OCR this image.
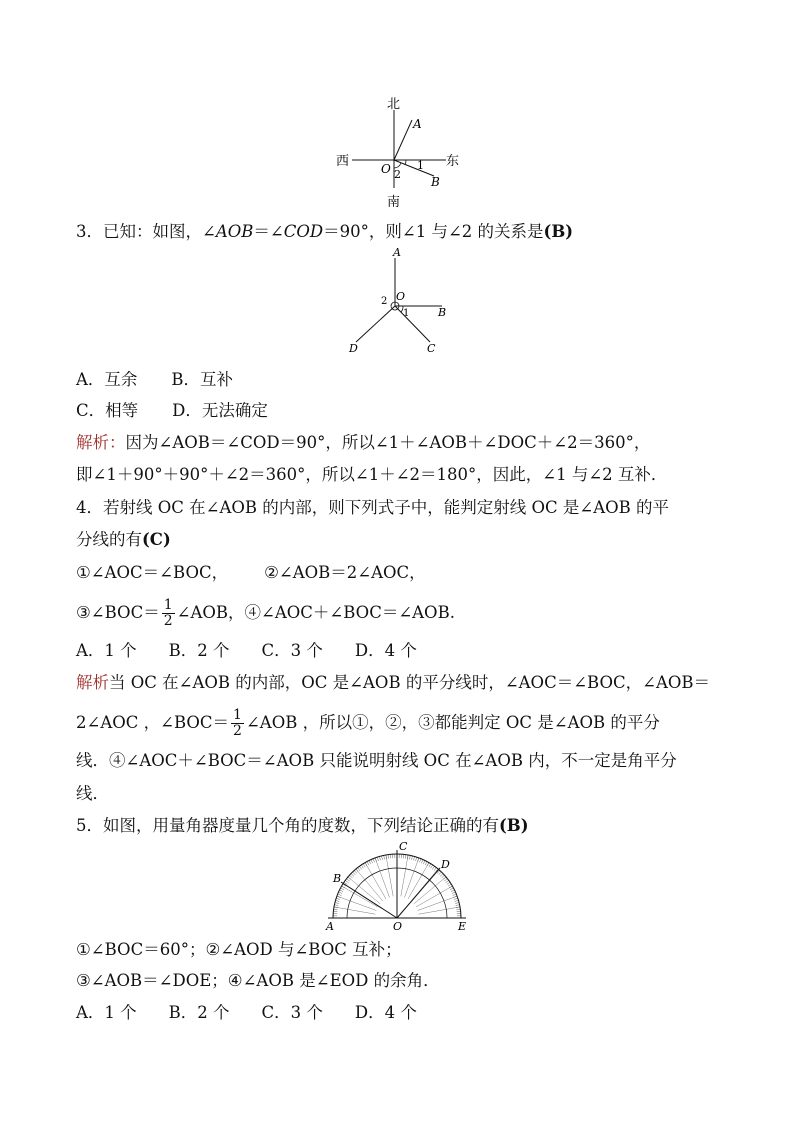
北
南
西	东
O
A
B
1
2
3．已知：如图，∠AOB＝∠COD＝90°，则∠1 与∠2 的关系是(B)
A
O
B
C
D
1
2
A．互余 B．互补
C．相等 D．无法确定
解析：因为∠AOB＝∠COD＝90°，所以∠1＋∠AOB＋∠DOC＋∠2＝360°，
即∠1＋90°＋90°＋∠2＝360°，所以∠1＋∠2＝180°，因此，∠1 与∠2 互补．
4．若射线 OC 在∠AOB 的内部，则下列式子中，能判定射线 OC 是∠AOB 的平
分线的有(C)
①∠AOC＝∠BOC， ②∠AOB＝2∠AOC，
③∠BOC＝ $\frac{1}{2}$ ∠AOB，④∠AOC＋∠BOC＝∠AOB.
A．1 个 B．2 个 C．3 个 D．4 个
解析当 OC 在∠AOB 的内部，OC 是∠AOB 的平分线时，∠AOC＝∠BOC，∠AOB＝
2∠AOC ，∠BOC＝ $\frac{1}{2}$ ∠AOB ，所以①，②，③都能判定 OC 是∠AOB 的平分
线．④∠AOC＋∠BOC＝∠AOB 只能说明射线 OC 在∠AOB 内，不一定是角平分
线．
5．如图，用量角器度量几个角的度数，下列结论正确的有(B)
A
B
C
D
E
O
①∠BOC＝60°；②∠AOD 与∠BOC 互补；
③∠AOB＝∠DOE；④∠AOB 是∠EOD 的余角．
A．1 个 B．2 个 C．3 个 D．4 个
